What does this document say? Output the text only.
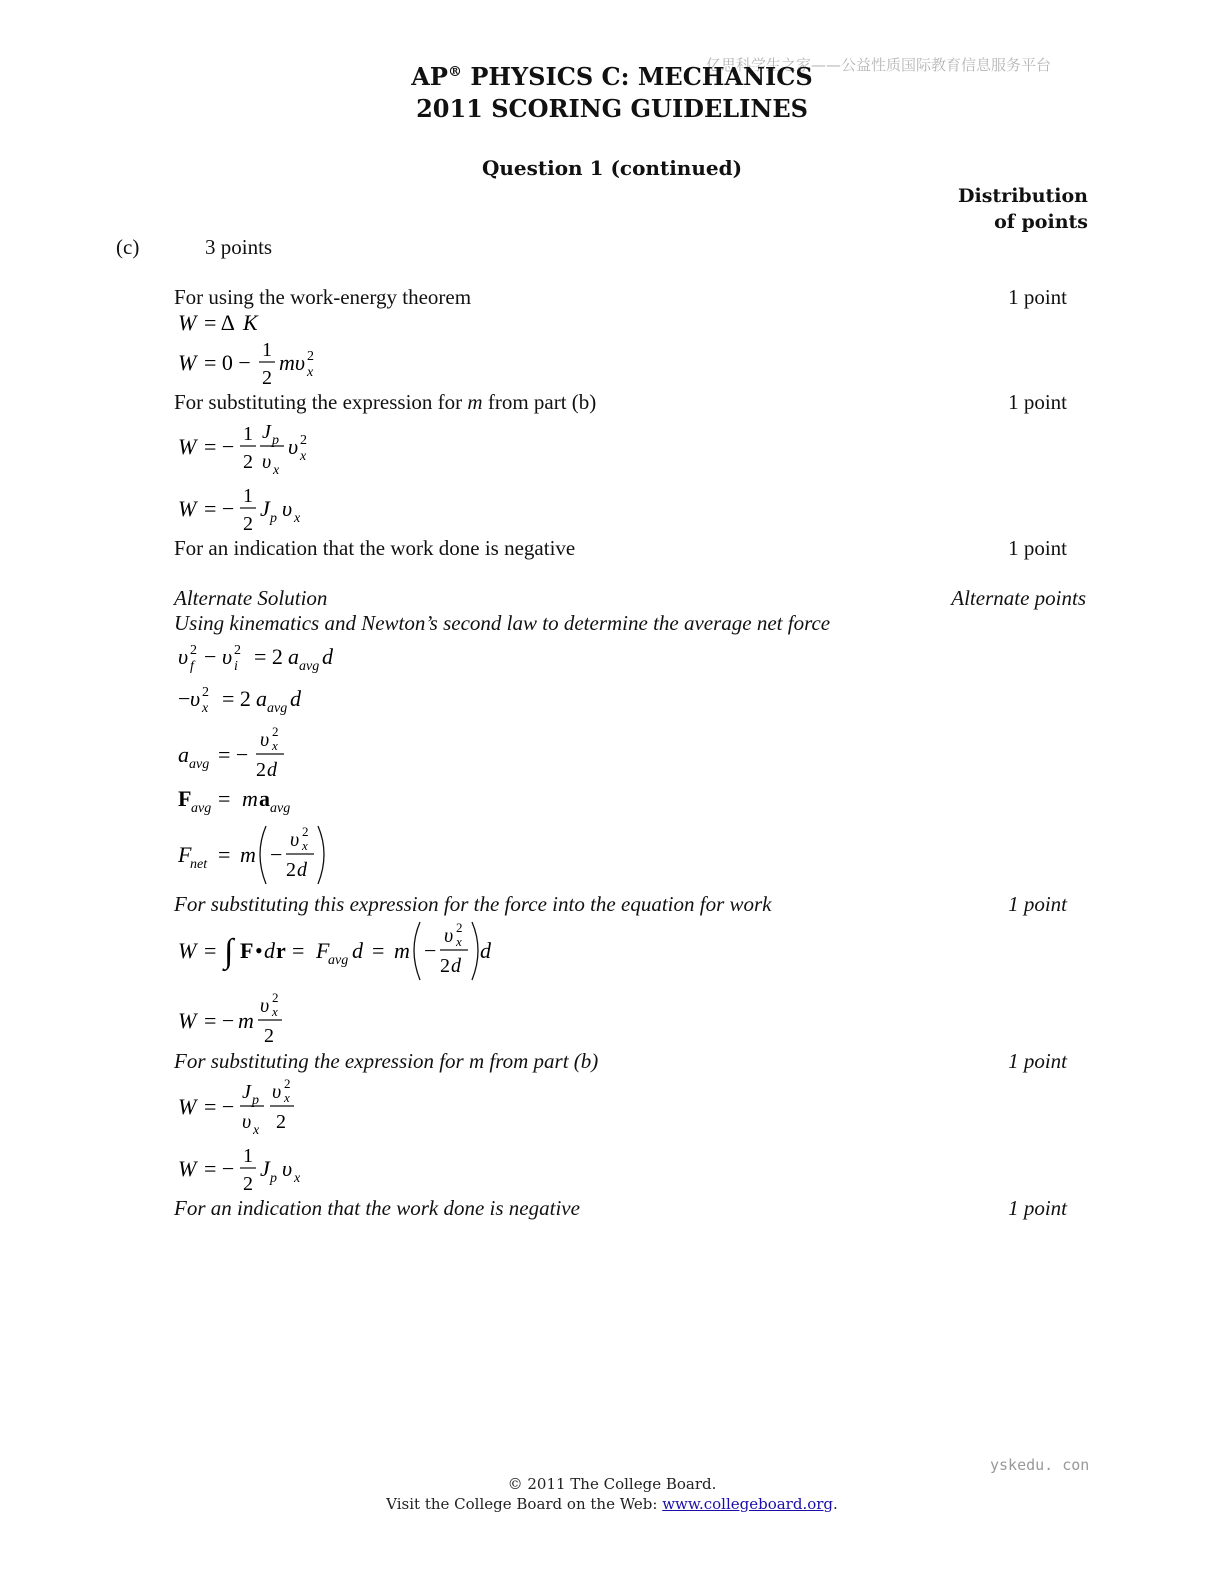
亿思科学生之家——公益性质国际教育信息服务平台
AP® PHYSICS C: MECHANICS
2011 SCORING GUIDELINES
Question 1 (continued)
Distribution
of points
(c)	3 points
For using the work-energy theorem	1 point
W = Δ K
W = 0 − 1
2
mυ 2
x
For substituting the expression for m from part (b)	1 point
W = − 1
2
J p
υ x
υ 2
x
W = − 1
2
J p υ x
For an indication that the work done is negative	1 point
Alternate Solution	Alternate points
Using kinematics and Newton’s second law to determine the average net force
υ 2
f − υ 2
i = 2 a avg d
− υ 2
x = 2 a avg d
a avg = −
υ 2
x
2 d
F avg = m a avg
F
net = m −
υ 2
x
2 d
For substituting this expression for the force into the equation for work	1 point
W = ∫ F • d r = F
avg d = m −
υ 2
x
2 d
d
W = − m
υ 2
x
2
For substituting the expression for m from part (b)	1 point
W = −
J p
υ x
υ 2
x
2
W = − 1
2
J p υ x
For an indication that the work done is negative	1 point
yskedu. con
© 2011 The College Board.
Visit the College Board on the Web: www.collegeboard.org.
